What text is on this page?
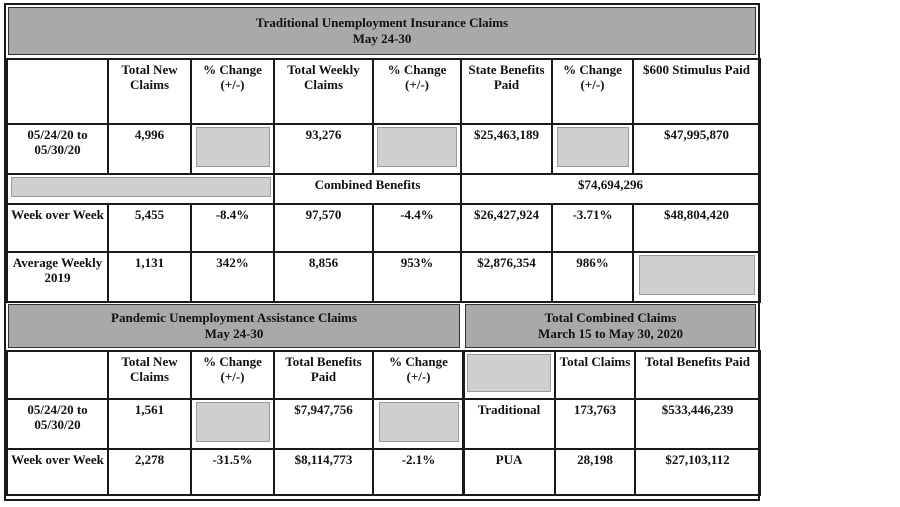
Traditional Unemployment Insurance Claims
May 24-30
	Total New Claims	% Change (+/-)	Total Weekly Claims	% Change (+/-)	State Benefits Paid	% Change (+/-)	$600 Stimulus Paid
05/24/20 to 05/30/20	4,996		93,276		$25,463,189		$47,995,870

			Combined Benefits		$74,694,296		
Week over Week	5,455	-8.4%	97,570	-4.4%	$26,427,924	-3.71%	$48,804,420
Average Weekly 2019	1,131	342%	8,856	953%	$2,876,354	986%	
Pandemic Unemployment Assistance Claims
May 24-30
Total Combined Claims
March 15 to May 30, 2020
	Total New Claims	% Change (+/-)	Total Benefits Paid	% Change (+/-)
05/24/20 to 05/30/20	1,561		$7,947,756	

Week over Week	2,278	-31.5%	$8,114,773	-2.1%
	Total Claims	Total Benefits Paid
Traditional	173,763	$533,446,239
PUA	28,198	$27,103,112
